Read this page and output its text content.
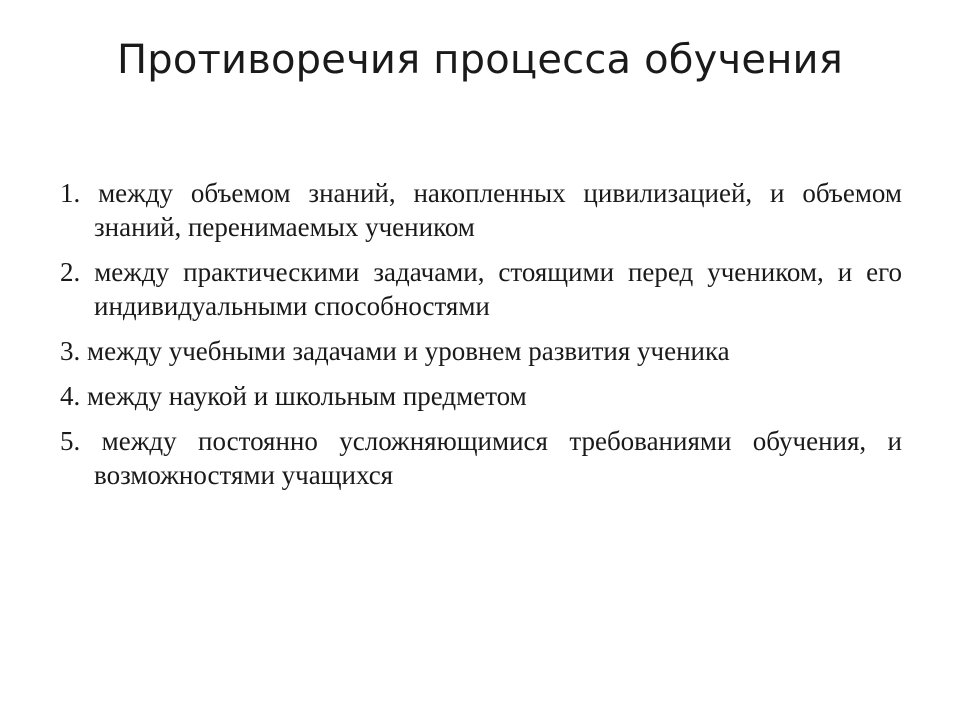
Противоречия процесса обучения
1. между объемом знаний, накопленных цивилизацией, и объемом знаний, перенимаемых учеником
2. между практическими задачами, стоящими перед учеником, и его индивидуальными способностями
3. между учебными задачами и уровнем развития ученика
4. между наукой и школьным предметом
5. между постоянно усложняющимися требованиями обучения, и возможностями учащихся
